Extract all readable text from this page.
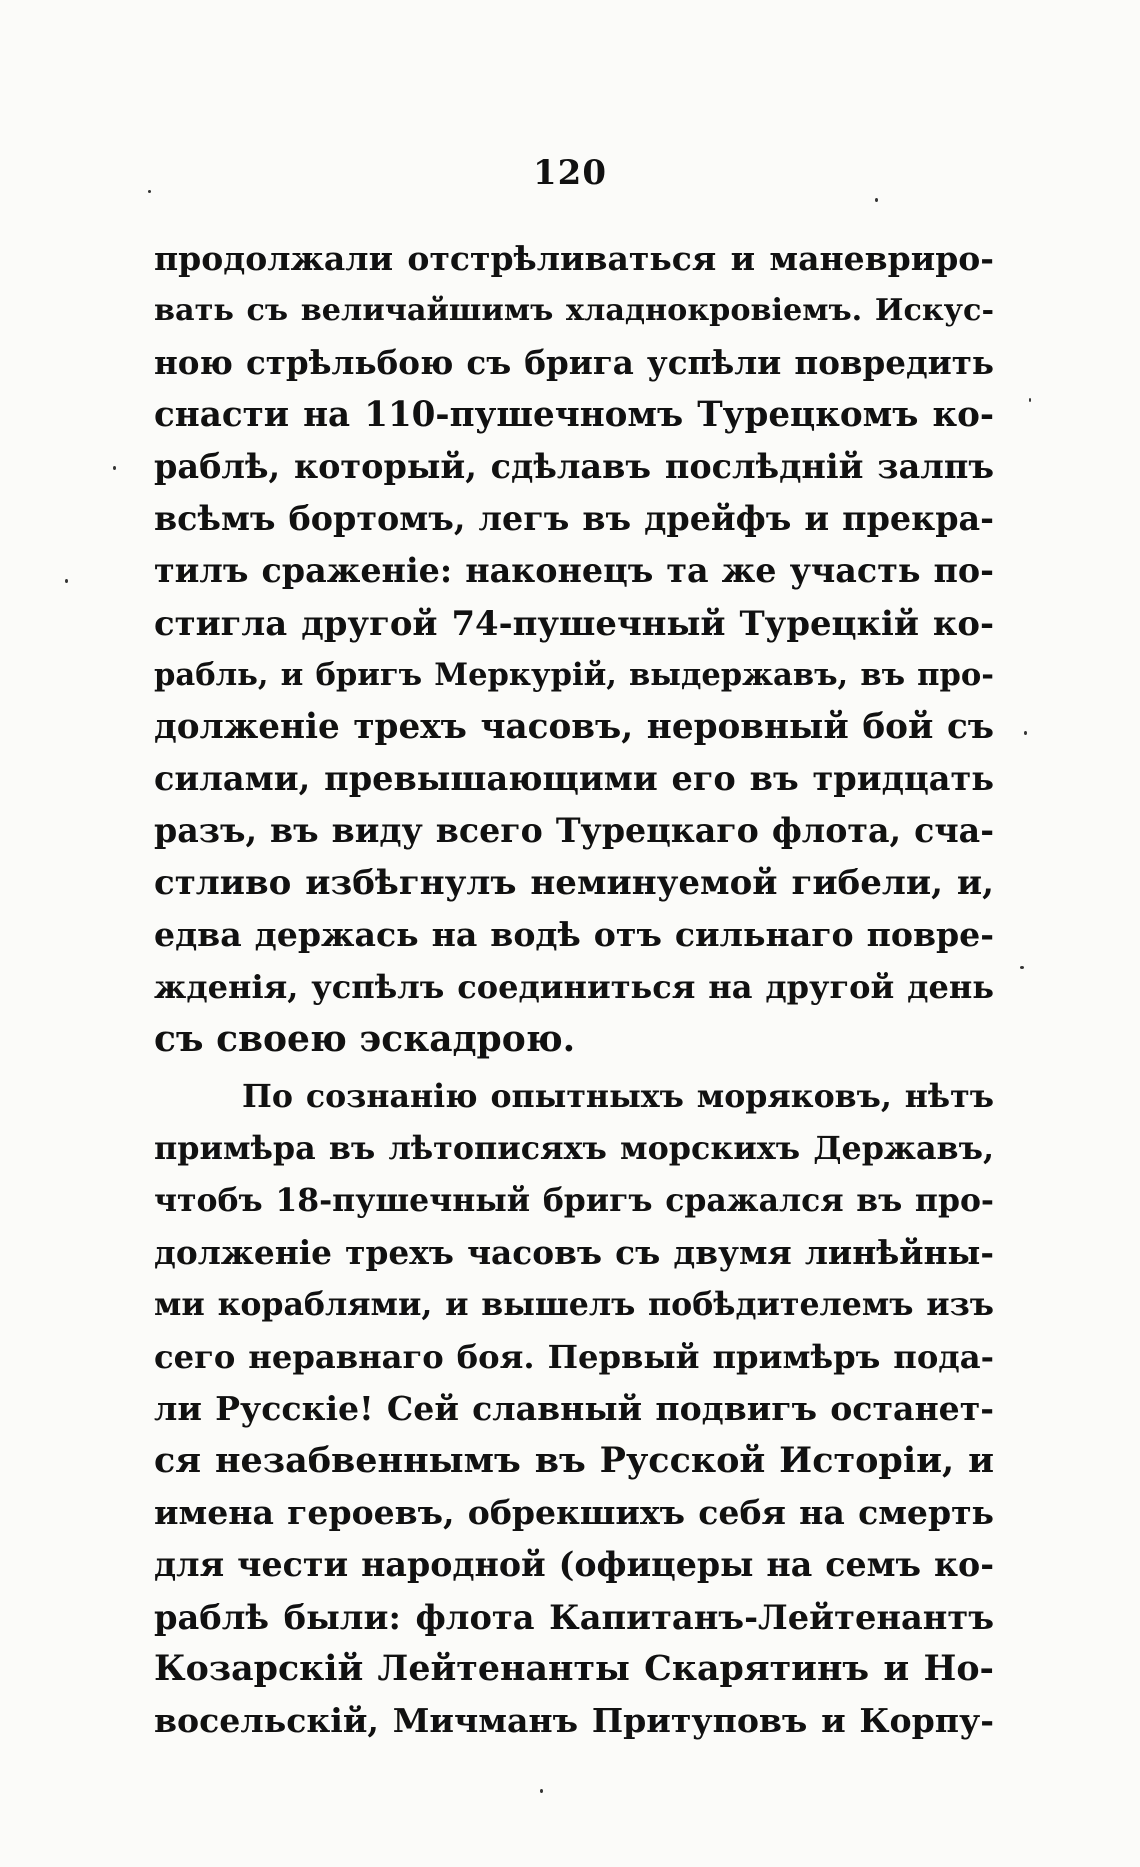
120
продолжали отстрѣливаться и маневриро-
вать съ величайшимъ хладнокровіемъ. Искус-
ною стрѣльбою съ брига успѣли повредить
снасти на 110-пушечномъ Турецкомъ ко-
раблѣ, который, сдѣлавъ послѣдній залпъ
всѣмъ бортомъ, легъ въ дрейфъ и прекра-
тилъ сраженіе: наконецъ та же участь по-
стигла другой 74-пушечный Турецкій ко-
рабль, и бригъ Меркурій, выдержавъ, въ про-
долженіе трехъ часовъ, неровный бой съ
силами, превышающими его въ тридцать
разъ, въ виду всего Турецкаго флота, сча-
стливо избѣгнулъ неминуемой гибели, и,
едва держась на водѣ отъ сильнаго повре-
жденія, успѣлъ соединиться на другой день
съ своею эскадрою.
По сознанію опытныхъ моряковъ, нѣтъ
примѣра въ лѣтописяхъ морскихъ Державъ,
чтобъ 18-пушечный бригъ сражался въ про-
долженіе трехъ часовъ съ двумя линѣйны-
ми кораблями, и вышелъ побѣдителемъ изъ
сего неравнаго боя. Первый примѣръ пода-
ли Русскіе! Сей славный подвигъ останет-
ся незабвеннымъ въ Русской Исторіи, и
имена героевъ, обрекшихъ себя на смерть
для чести народной (офицеры на семъ ко-
раблѣ были: флота Капитанъ-Лейтенантъ
Козарскій Лейтенанты Скарятинъ и Но-
восельскій, Мичманъ Притуповъ и Корпу-
